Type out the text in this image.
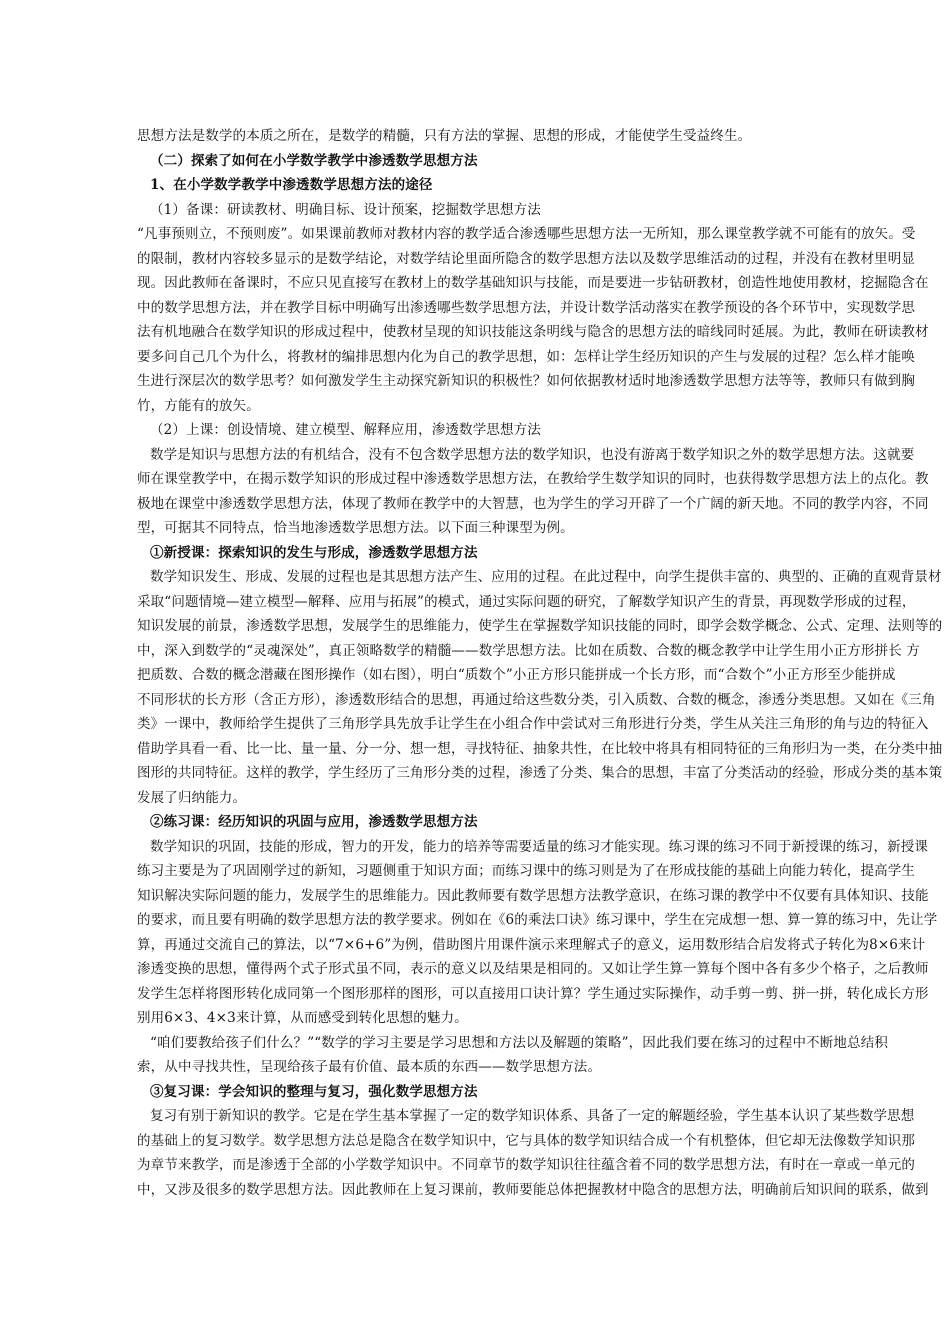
思想方法是数学的本质之所在，是数学的精髓，只有方法的掌握、思想的形成，才能使学生受益终生。
（二）探索了如何在小学数学教学中渗透数学思想方法
1、在小学数学教学中渗透数学思想方法的途径
（1）备课：研读教材、明确目标、设计预案，挖掘数学思想方法
“凡事预则立，不预则废”。如果课前教师对教材内容的教学适合渗透哪些思想方法一无所知，那么课堂教学就不可能有的放矢。受
的限制，教材内容较多显示的是数学结论，对数学结论里面所隐含的数学思想方法以及数学思维活动的过程，并没有在教材里明显
现。因此教师在备课时，不应只见直接写在教材上的数学基础知识与技能，而是要进一步钻研教材，创造性地使用教材，挖掘隐含在
中的数学思想方法，并在教学目标中明确写出渗透哪些数学思想方法，并设计数学活动落实在教学预设的各个环节中，实现数学思
法有机地融合在数学知识的形成过程中，使教材呈现的知识技能这条明线与隐含的思想方法的暗线同时延展。为此，教师在研读教材
要多问自己几个为什么，将教材的编排思想内化为自己的教学思想，如：怎样让学生经历知识的产生与发展的过程？怎么样才能唤
生进行深层次的数学思考？如何激发学生主动探究新知识的积极性？如何依据教材适时地渗透数学思想方法等等，教师只有做到胸
竹，方能有的放矢。
（2）上课：创设情境、建立模型、解释应用，渗透数学思想方法
数学是知识与思想方法的有机结合，没有不包含数学思想方法的数学知识，也没有游离于数学知识之外的数学思想方法。这就要
师在课堂教学中，在揭示数学知识的形成过程中渗透数学思想方法，在教给学生数学知识的同时，也获得数学思想方法上的点化。教
极地在课堂中渗透数学思想方法，体现了教师在教学中的大智慧，也为学生的学习开辟了一个广阔的新天地。不同的教学内容，不同
型，可据其不同特点，恰当地渗透数学思想方法。以下面三种课型为例。
①新授课：探索知识的发生与形成，渗透数学思想方法
数学知识发生、形成、发展的过程也是其思想方法产生、应用的过程。在此过程中，向学生提供丰富的、典型的、正确的直观背景材
采取“问题情境—建立模型—解释、应用与拓展”的模式，通过实际问题的研究，了解数学知识产生的背景，再现数学形成的过程，
知识发展的前景，渗透数学思想，发展学生的思维能力，使学生在掌握数学知识技能的同时，即学会数学概念、公式、定理、法则等的
中，深入到数学的“灵魂深处”，真正领略数学的精髓——数学思想方法。比如在质数、合数的概念教学中让学生用小正方形拼长 方
把质数、合数的概念潜藏在图形操作（如右图），明白“质数个”小正方形只能拼成一个长方形，而“合数个”小正方形至少能拼成
不同形状的长方形（含正方形），渗透数形结合的思想，再通过给这些数分类，引入质数、合数的概念，渗透分类思想。又如在《三角
类》一课中，教师给学生提供了三角形学具先放手让学生在小组合作中尝试对三角形进行分类，学生从关注三角形的角与边的特征入
借助学具看一看、比一比、量一量、分一分、想一想，寻找特征、抽象共性，在比较中将具有相同特征的三角形归为一类，在分类中抽
图形的共同特征。这样的教学，学生经历了三角形分类的过程，渗透了分类、集合的思想，丰富了分类活动的经验，形成分类的基本策
发展了归纳能力。
②练习课：经历知识的巩固与应用，渗透数学思想方法
数学知识的巩固，技能的形成，智力的开发，能力的培养等需要适量的练习才能实现。练习课的练习不同于新授课的练习，新授课
练习主要是为了巩固刚学过的新知，习题侧重于知识方面；而练习课中的练习则是为了在形成技能的基础上向能力转化，提高学生
知识解决实际问题的能力，发展学生的思维能力。因此教师要有数学思想方法教学意识，在练习课的教学中不仅要有具体知识、技能
的要求，而且要有明确的数学思想方法的教学要求。例如在《6的乘法口诀》练习课中，学生在完成想一想、算一算的练习中，先让学
算，再通过交流自己的算法，以“7×6+6”为例，借助图片用课件演示来理解式子的意义，运用数形结合启发将式子转化为8×6来计
渗透变换的思想，懂得两个式子形式虽不同，表示的意义以及结果是相同的。又如让学生算一算每个图中各有多少个格子，之后教师
发学生怎样将图形转化成同第一个图形那样的图形，可以直接用口诀计算？学生通过实际操作，动手剪一剪、拼一拼，转化成长方形
别用6×3、4×3来计算，从而感受到转化思想的魅力。
“咱们要教给孩子们什么？”“数学的学习主要是学习思想和方法以及解题的策略”，因此我们要在练习的过程中不断地总结积
索，从中寻找共性，呈现给孩子最有价值、最本质的东西——数学思想方法。
③复习课：学会知识的整理与复习，强化数学思想方法
复习有别于新知识的教学。它是在学生基本掌握了一定的数学知识体系、具备了一定的解题经验，学生基本认识了某些数学思想
的基础上的复习数学。数学思想方法总是隐含在数学知识中，它与具体的数学知识结合成一个有机整体，但它却无法像数学知识那
为章节来教学，而是渗透于全部的小学数学知识中。不同章节的数学知识往往蕴含着不同的数学思想方法，有时在一章或一单元的
中，又涉及很多的数学思想方法。因此教师在上复习课前，教师要能总体把握教材中隐含的思想方法，明确前后知识间的联系，做到
